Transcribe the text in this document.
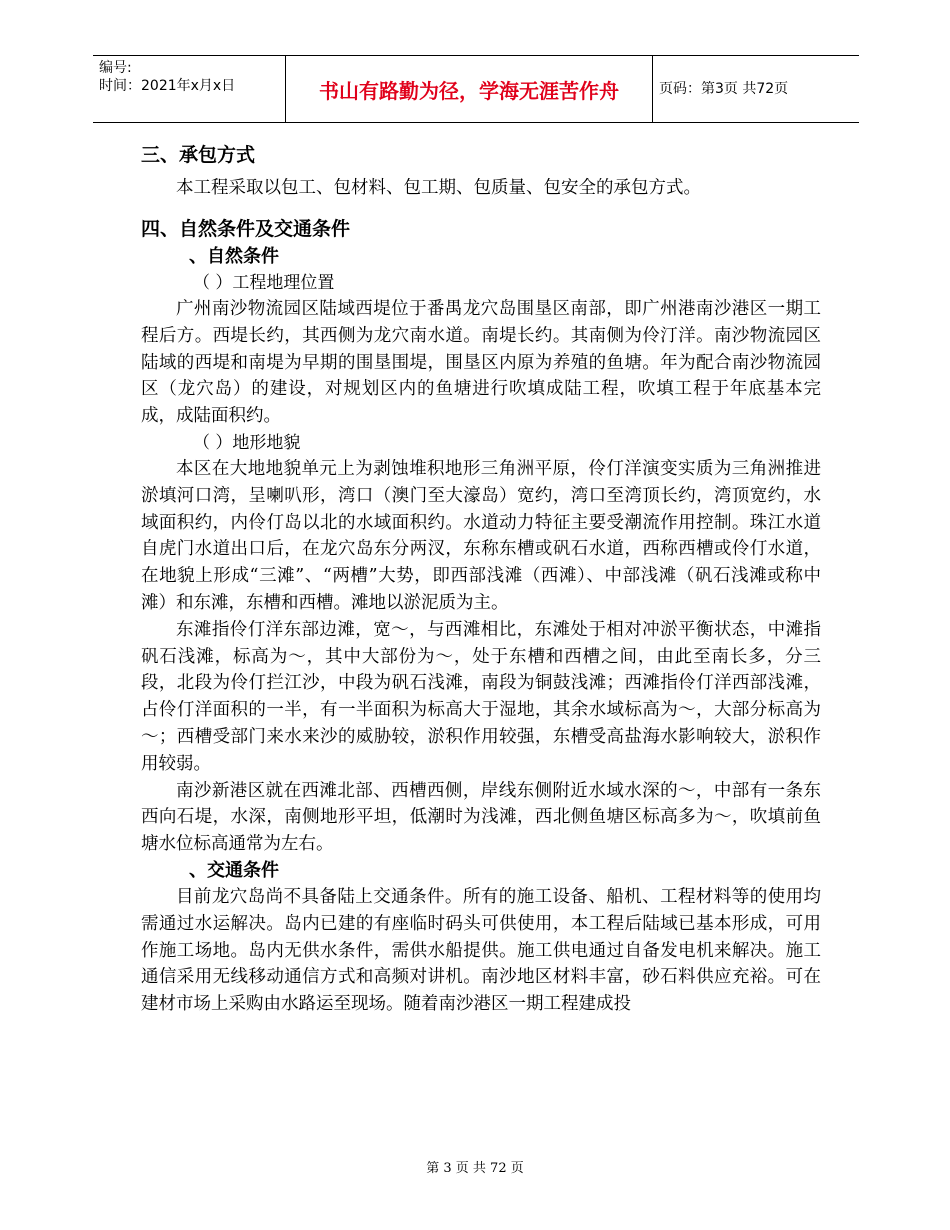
编号:
时间：2021年x月x日	书山有路勤为径，学海无涯苦作舟	页码：第3页 共72页
三、承包方式

本工程采取以包工、包材料、包工期、包质量、包安全的承包方式。

四、自然条件及交通条件
、自然条件
（ ）工程地理位置

广州南沙物流园区陆域西堤位于番禺龙穴岛围垦区南部，即广州港南沙港区一期工程后方。西堤长约，其西侧为龙穴南水道。南堤长约。其南侧为伶汀洋。南沙物流园区陆域的西堤和南堤为早期的围垦围堤，围垦区内原为养殖的鱼塘。年为配合南沙物流园区（龙穴岛）的建设，对规划区内的鱼塘进行吹填成陆工程，吹填工程于年底基本完成，成陆面积约。

（ ）地形地貌

本区在大地地貌单元上为剥蚀堆积地形三角洲平原，伶仃洋演变实质为三角洲推进淤填河口湾，呈喇叭形，湾口（澳门至大濠岛）宽约，湾口至湾顶长约，湾顶宽约，水域面积约，内伶仃岛以北的水域面积约。水道动力特征主要受潮流作用控制。珠江水道自虎门水道出口后，在龙穴岛东分两汊，东称东槽或矾石水道，西称西槽或伶仃水道，在地貌上形成“三滩”、“两槽”大势，即西部浅滩（西滩）、中部浅滩（矾石浅滩或称中滩）和东滩，东槽和西槽。滩地以淤泥质为主。

东滩指伶仃洋东部边滩，宽～，与西滩相比，东滩处于相对冲淤平衡状态，中滩指矾石浅滩，标高为～，其中大部份为～，处于东槽和西槽之间，由此至南长多，分三段，北段为伶仃拦江沙，中段为矾石浅滩，南段为铜鼓浅滩；西滩指伶仃洋西部浅滩，占伶仃洋面积的一半，有一半面积为标高大于湿地，其余水域标高为～，大部分标高为～；西槽受部门来水来沙的威胁较，淤积作用较强，东槽受高盐海水影响较大，淤积作用较弱。

南沙新港区就在西滩北部、西槽西侧，岸线东侧附近水域水深的～，中部有一条东西向石堤，水深，南侧地形平坦，低潮时为浅滩，西北侧鱼塘区标高多为～，吹填前鱼塘水位标高通常为左右。

、交通条件

目前龙穴岛尚不具备陆上交通条件。所有的施工设备、船机、工程材料等的使用均需通过水运解决。岛内已建的有座临时码头可供使用，本工程后陆域已基本形成，可用作施工场地。岛内无供水条件，需供水船提供。施工供电通过自备发电机来解决。施工通信采用无线移动通信方式和高频对讲机。南沙地区材料丰富，砂石料供应充裕。可在建材市场上采购由水路运至现场。随着南沙港区一期工程建成投

第 3 页 共 72 页
